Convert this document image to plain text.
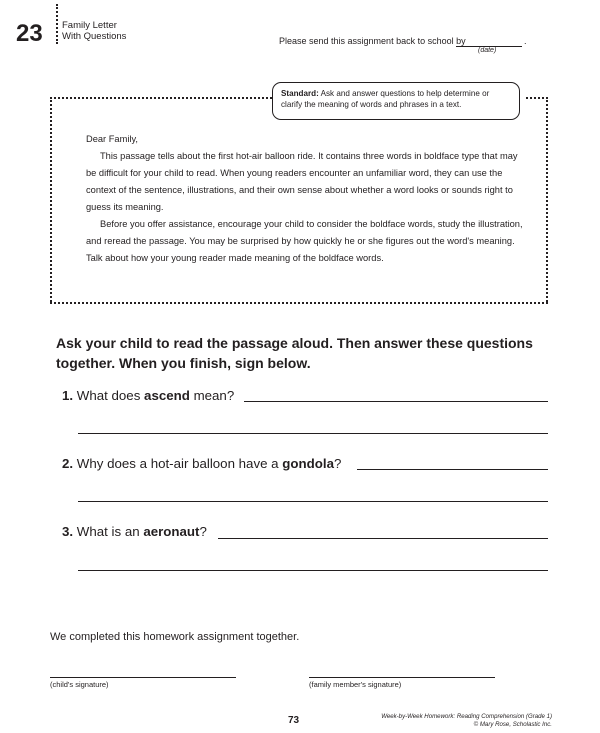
23 Family Letter
With Questions	Please send this assignment back to school by	.
(date)
Standard: Ask and answer questions to help determine or clarify the meaning of words and phrases in a text.

Dear Family,

This passage tells about the first hot-air balloon ride. It contains three words in boldface type that may be difficult for your child to read. When young readers encounter an unfamiliar word, they can use the context of the sentence, illustrations, and their own sense about whether a word looks or sounds right to guess its meaning.

Before you offer assistance, encourage your child to consider the boldface words, study the illustration, and reread the passage. You may be surprised by how quickly he or she figures out the word's meaning. Talk about how your young reader made meaning of the boldface words.

Ask your child to read the passage aloud. Then answer these questions together. When you finish, sign below.
1. What does ascend mean?
2. Why does a hot-air balloon have a gondola?
3. What is an aeronaut?
We completed this homework assignment together.
(child's signature)	(family member's signature)
73	Week-by-Week Homework: Reading Comprehension (Grade 1)
© Mary Rose, Scholastic Inc.
